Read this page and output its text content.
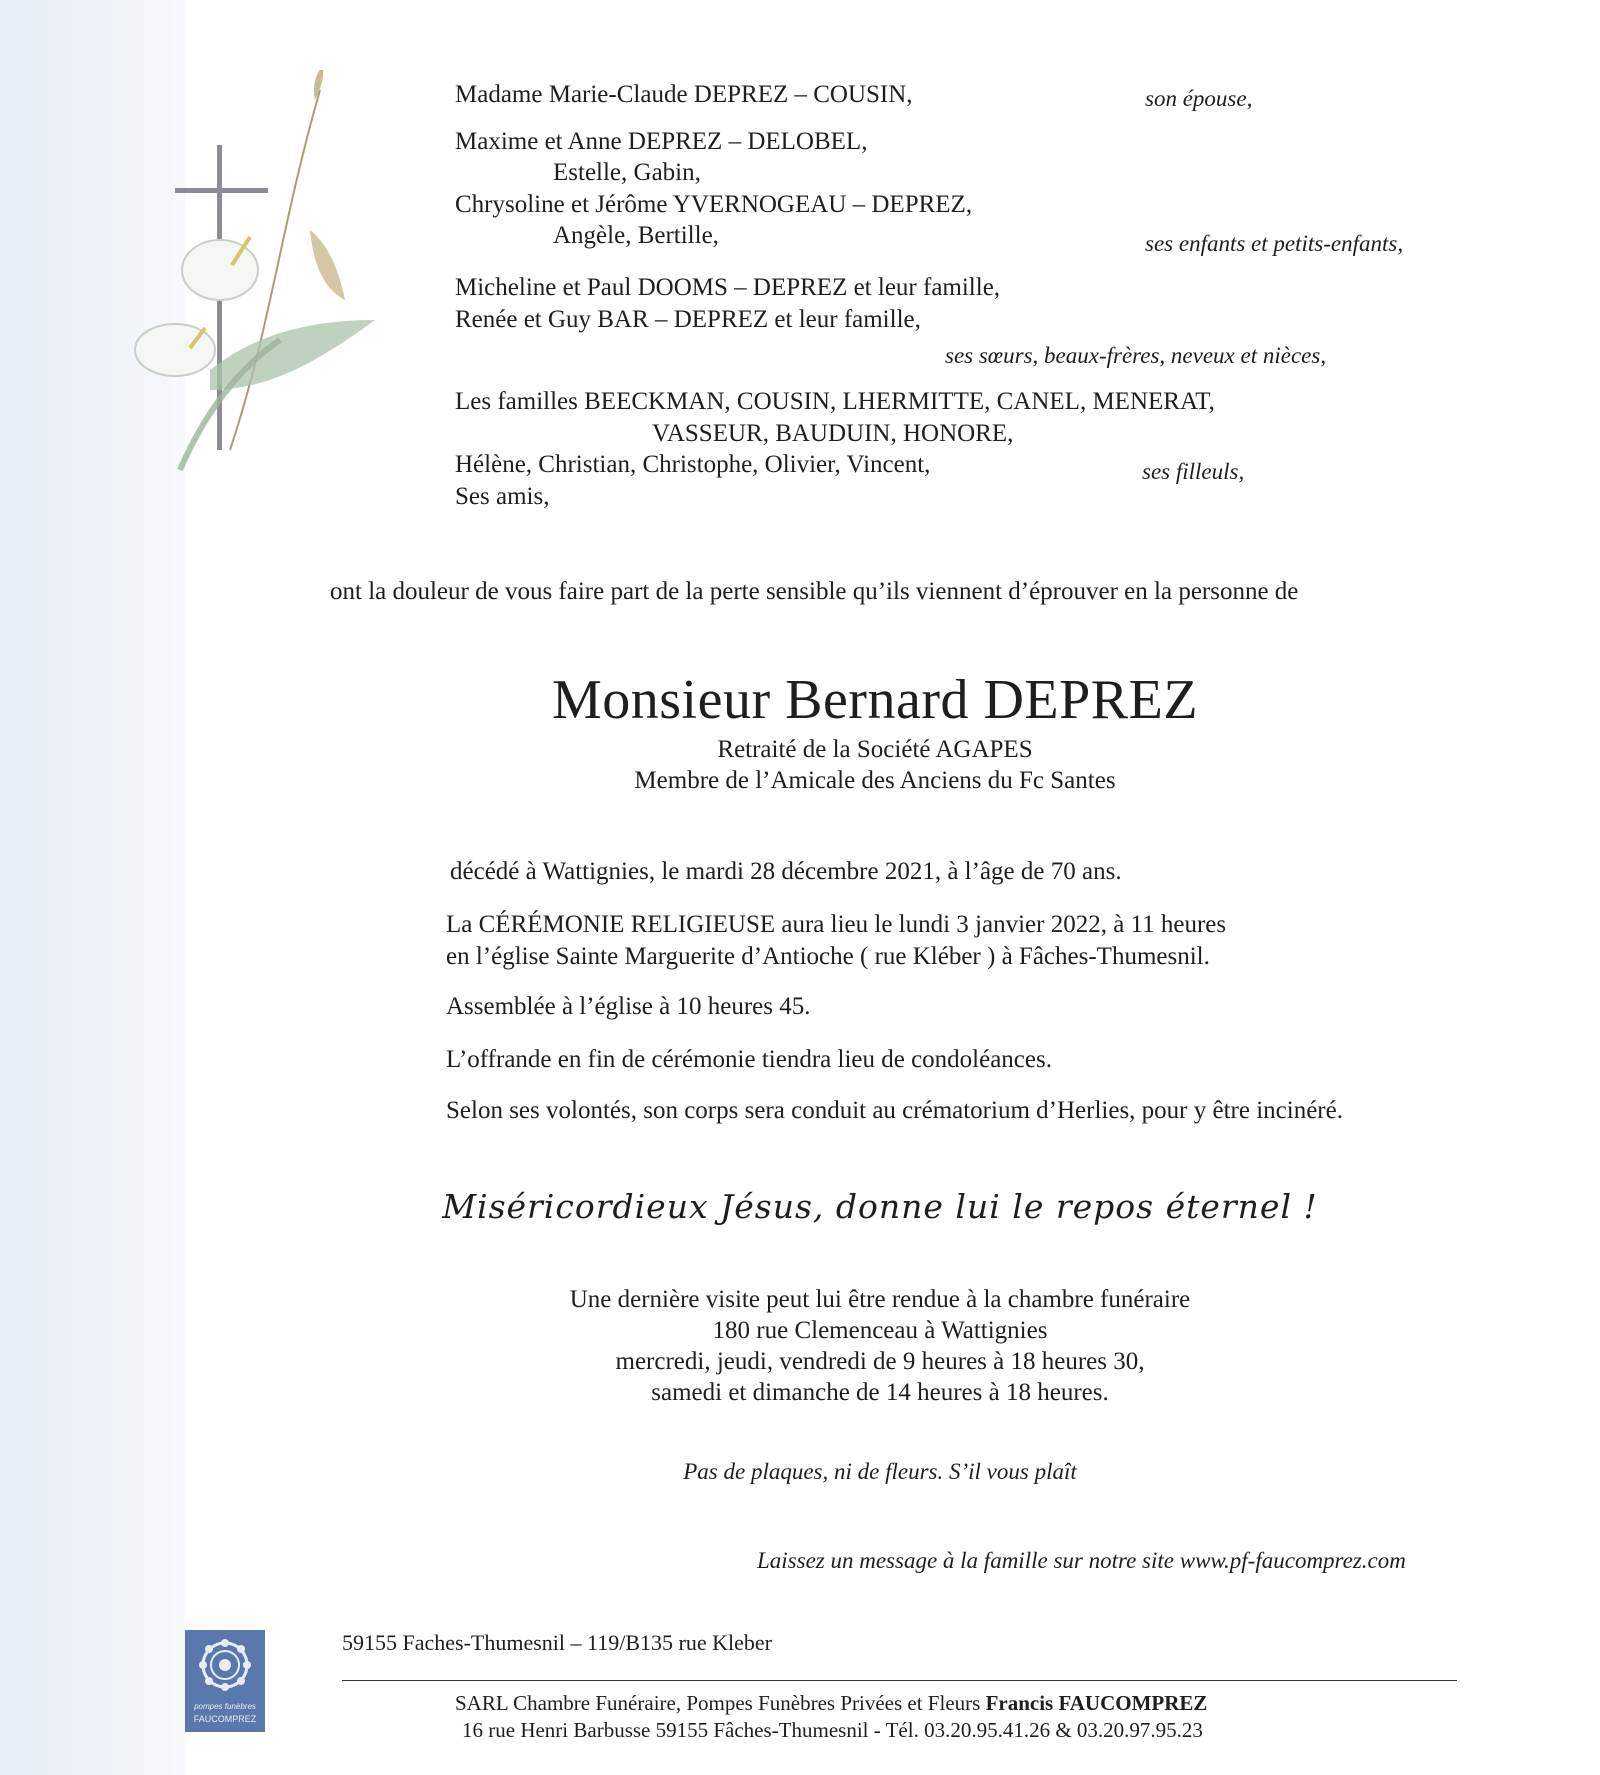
Madame Marie-Claude DEPREZ – COUSIN,	son épouse,
Maxime et Anne DEPREZ – DELOBEL,
Estelle, Gabin,
Chrysoline et Jérôme YVERNOGEAU – DEPREZ,
Angèle, Bertille,	ses enfants et petits-enfants,
Micheline et Paul DOOMS – DEPREZ et leur famille,
Renée et Guy BAR – DEPREZ et leur famille,
ses sœurs, beaux-frères, neveux et nièces,
Les familles BEECKMAN, COUSIN, LHERMITTE, CANEL, MENERAT,
VASSEUR, BAUDUIN, HONORE,
Hélène, Christian, Christophe, Olivier, Vincent,	ses filleuls,
Ses amis,
ont la douleur de vous faire part de la perte sensible qu’ils viennent d’éprouver en la personne de
Monsieur Bernard DEPREZ
Retraité de la Société AGAPES
Membre de l’Amicale des Anciens du Fc Santes
décédé à Wattignies, le mardi 28 décembre 2021, à l’âge de 70 ans.
La CÉRÉMONIE RELIGIEUSE aura lieu le lundi 3 janvier 2022, à 11 heures
en l’église Sainte Marguerite d’Antioche ( rue Kléber ) à Fâches-Thumesnil.
Assemblée à l’église à 10 heures 45.
L’offrande en fin de cérémonie tiendra lieu de condoléances.
Selon ses volontés, son corps sera conduit au crématorium d’Herlies, pour y être incinéré.
Miséricordieux Jésus, donne lui le repos éternel !
Une dernière visite peut lui être rendue à la chambre funéraire
180 rue Clemenceau à Wattignies
mercredi, jeudi, vendredi de 9 heures à 18 heures 30,
samedi et dimanche de 14 heures à 18 heures.
Pas de plaques, ni de fleurs. S’il vous plaît
Laissez un message à la famille sur notre site www.pf-faucomprez.com
pompes funèbres
FAUCOMPREZ
59155 Faches-Thumesnil – 119/B135 rue Kleber
SARL Chambre Funéraire, Pompes Funèbres Privées et Fleurs Francis FAUCOMPREZ
16 rue Henri Barbusse 59155 Fâches-Thumesnil - Tél. 03.20.95.41.26 & 03.20.97.95.23
